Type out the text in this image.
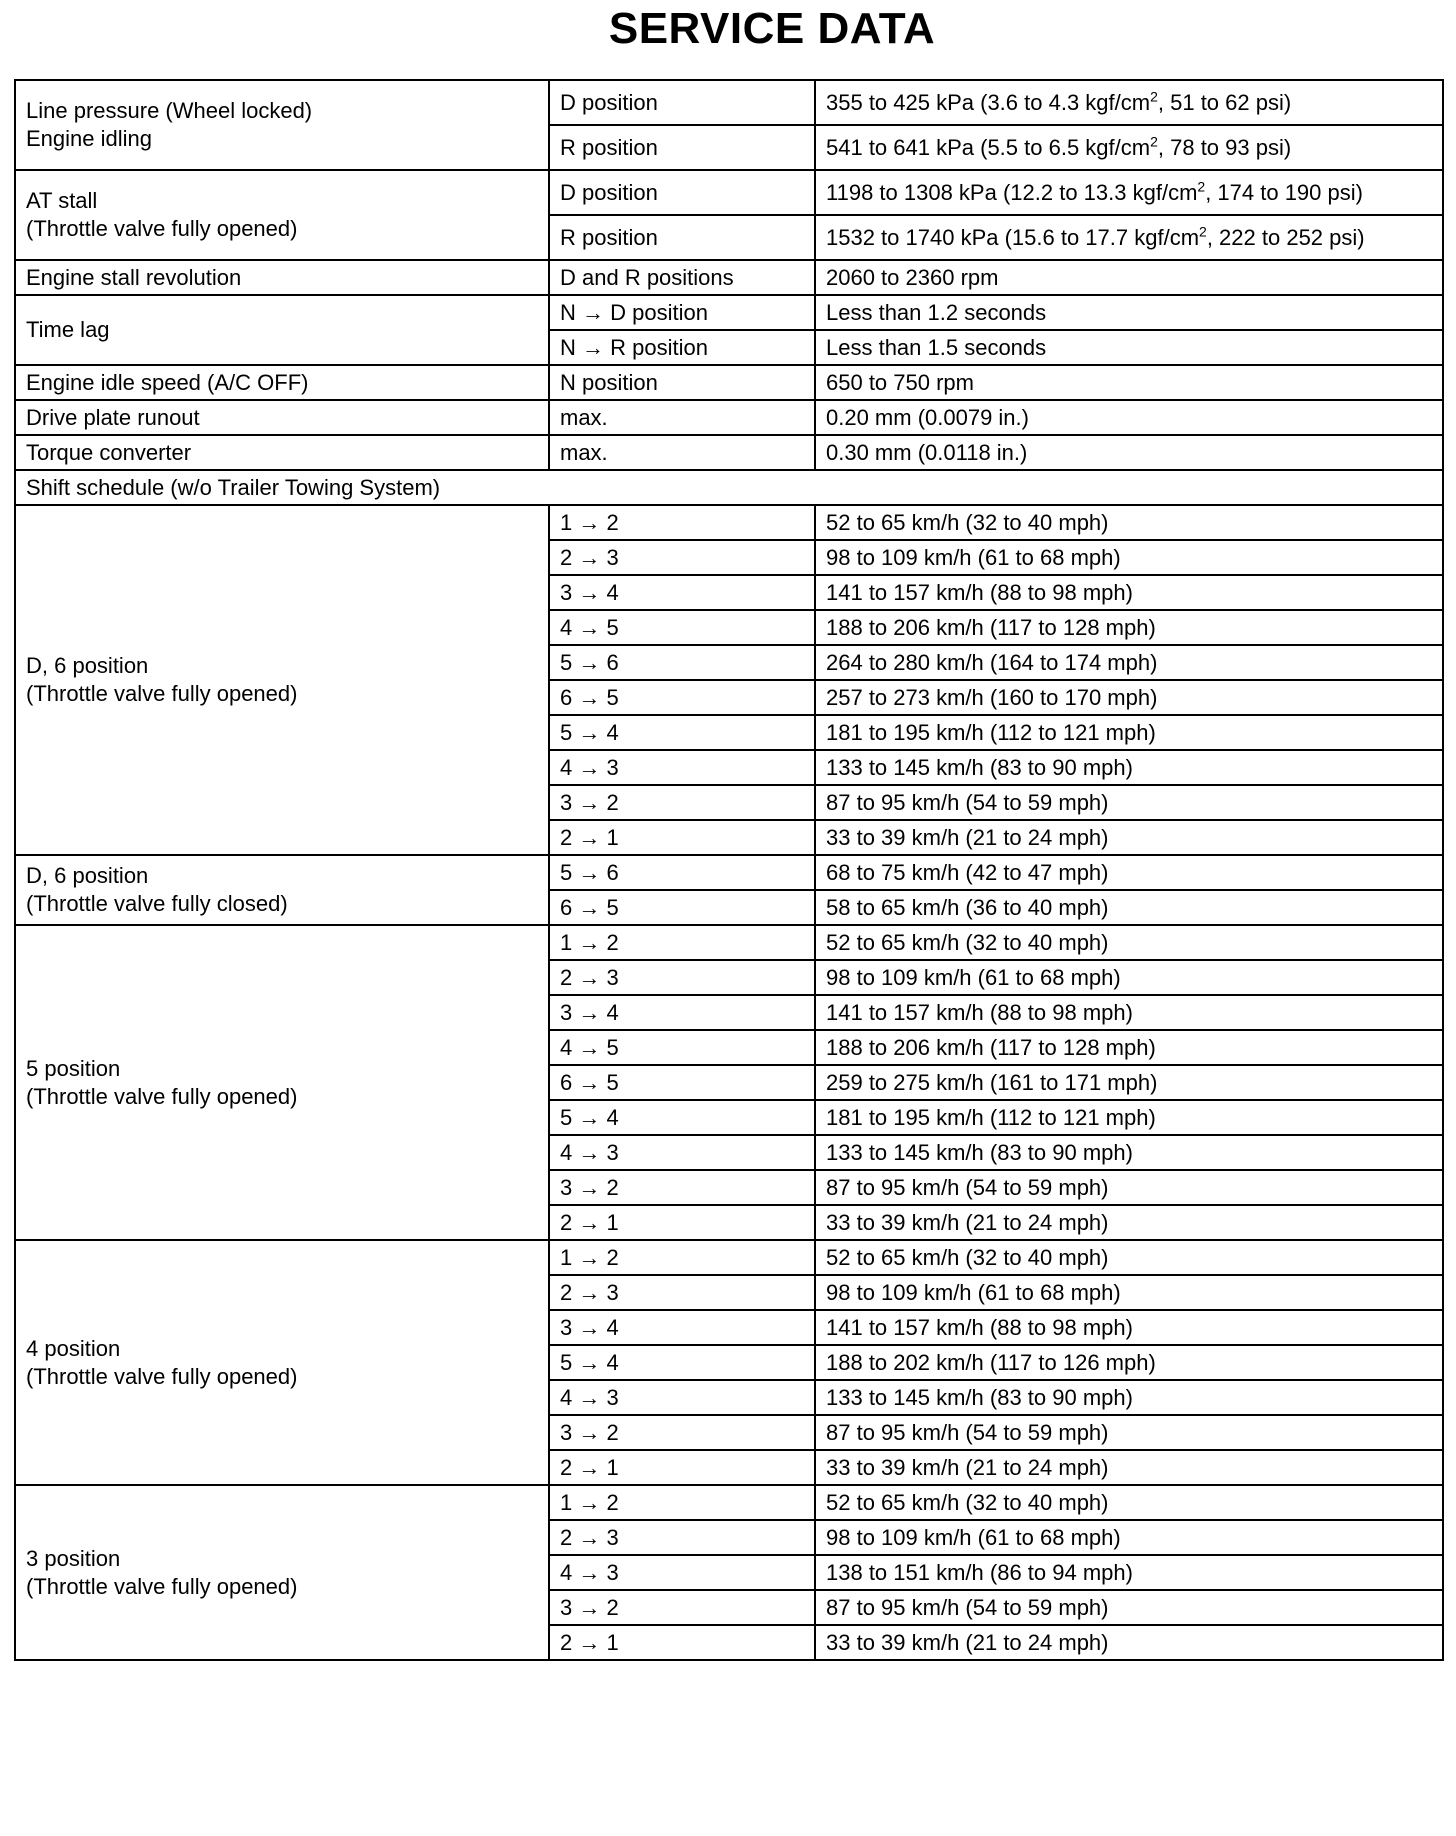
SERVICE DATA
Line pressure (Wheel locked)
Engine idling	D position	355 to 425 kPa (3.6 to 4.3 kgf/$cm^2$, 51 to 62 psi)
	R position	541 to 641 kPa (5.5 to 6.5 kgf/$cm^2$, 78 to 93 psi)

AT stall
(Throttle valve fully opened)	D position	1198 to 1308 kPa (12.2 to 13.3 kgf/$cm^2$, 174 to 190 psi)
	R position	1532 to 1740 kPa (15.6 to 17.7 kgf/$cm^2$, 222 to 252 psi)
Engine stall revolution	D and R positions	2060 to 2360 rpm
Time lag	N → D position	Less than 1.2 seconds
	N → R position	Less than 1.5 seconds
Engine idle speed (A/C OFF)	N position	650 to 750 rpm
Drive plate runout	max.	0.20 mm (0.0079 in.)
Torque converter	max.	0.30 mm (0.0118 in.)
Shift schedule (w/o Trailer Towing System)		

D, 6 position
(Throttle valve fully opened)	1 → 2	52 to 65 km/h (32 to 40 mph)
	2 → 3	98 to 109 km/h (61 to 68 mph)
	3 → 4	141 to 157 km/h (88 to 98 mph)
	4 → 5	188 to 206 km/h (117 to 128 mph)
	5 → 6	264 to 280 km/h (164 to 174 mph)
	6 → 5	257 to 273 km/h (160 to 170 mph)
	5 → 4	181 to 195 km/h (112 to 121 mph)
	4 → 3	133 to 145 km/h (83 to 90 mph)
	3 → 2	87 to 95 km/h (54 to 59 mph)
	2 → 1	33 to 39 km/h (21 to 24 mph)

D, 6 position
(Throttle valve fully closed)	5 → 6	68 to 75 km/h (42 to 47 mph)
	6 → 5	58 to 65 km/h (36 to 40 mph)

5 position
(Throttle valve fully opened)	1 → 2	52 to 65 km/h (32 to 40 mph)
	2 → 3	98 to 109 km/h (61 to 68 mph)
	3 → 4	141 to 157 km/h (88 to 98 mph)
	4 → 5	188 to 206 km/h (117 to 128 mph)
	6 → 5	259 to 275 km/h (161 to 171 mph)
	5 → 4	181 to 195 km/h (112 to 121 mph)
	4 → 3	133 to 145 km/h (83 to 90 mph)
	3 → 2	87 to 95 km/h (54 to 59 mph)
	2 → 1	33 to 39 km/h (21 to 24 mph)

4 position
(Throttle valve fully opened)	1 → 2	52 to 65 km/h (32 to 40 mph)
	2 → 3	98 to 109 km/h (61 to 68 mph)
	3 → 4	141 to 157 km/h (88 to 98 mph)
	5 → 4	188 to 202 km/h (117 to 126 mph)
	4 → 3	133 to 145 km/h (83 to 90 mph)
	3 → 2	87 to 95 km/h (54 to 59 mph)
	2 → 1	33 to 39 km/h (21 to 24 mph)

3 position
(Throttle valve fully opened)	1 → 2	52 to 65 km/h (32 to 40 mph)
	2 → 3	98 to 109 km/h (61 to 68 mph)
	4 → 3	138 to 151 km/h (86 to 94 mph)
	3 → 2	87 to 95 km/h (54 to 59 mph)
	2 → 1	33 to 39 km/h (21 to 24 mph)
